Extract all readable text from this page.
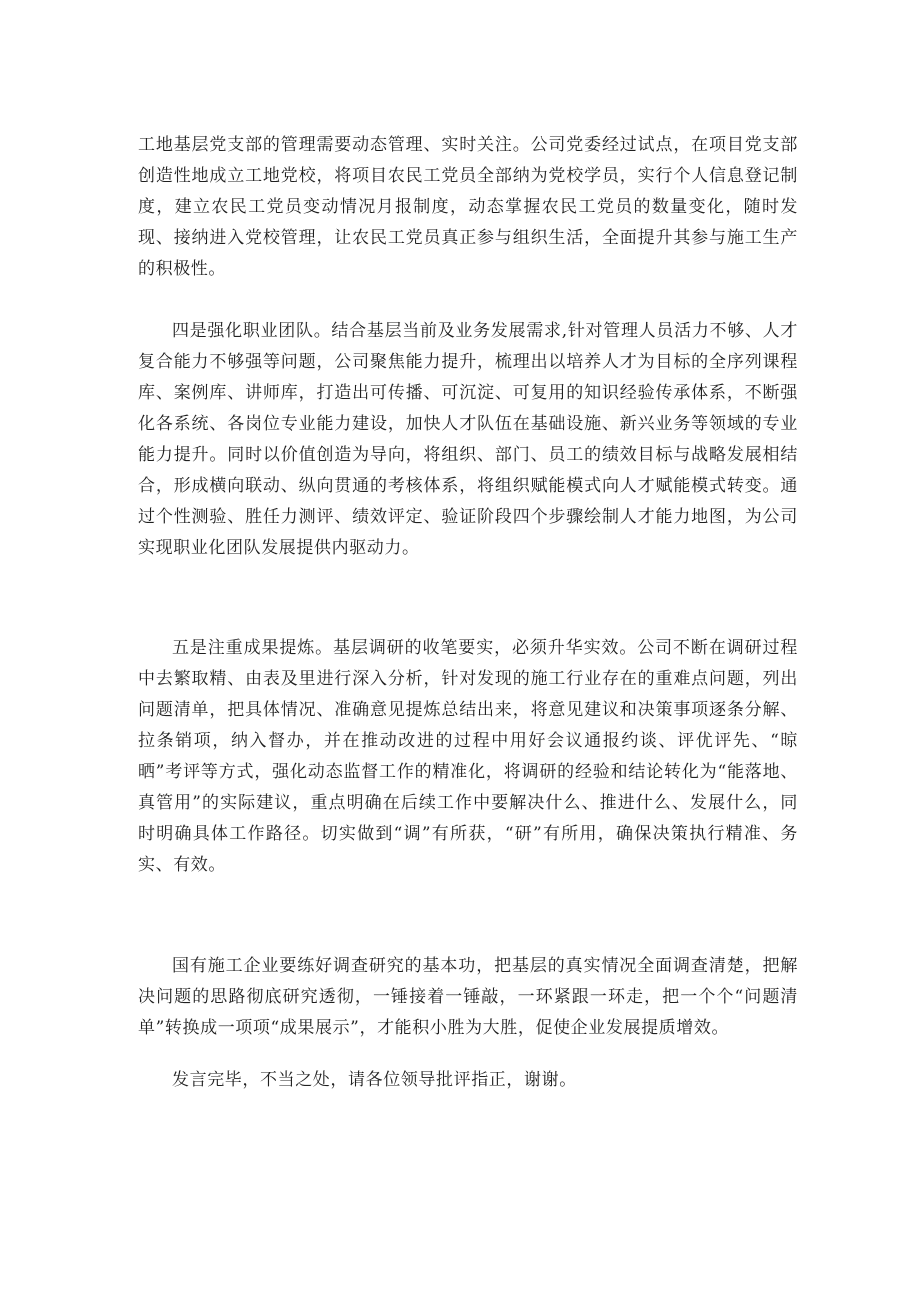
工地基层党支部的管理需要动态管理、实时关注。公司党委经过试点，在项目党支部创造性地成立工地党校，将项目农民工党员全部纳为党校学员，实行个人信息登记制度，建立农民工党员变动情况月报制度，动态掌握农民工党员的数量变化，随时发现、接纳进入党校管理，让农民工党员真正参与组织生活，全面提升其参与施工生产的积极性。

四是强化职业团队。结合基层当前及业务发展需求,针对管理人员活力不够、人才复合能力不够强等问题，公司聚焦能力提升，梳理出以培养人才为目标的全序列课程库、案例库、讲师库，打造出可传播、可沉淀、可复用的知识经验传承体系，不断强化各系统、各岗位专业能力建设，加快人才队伍在基础设施、新兴业务等领域的专业能力提升。同时以价值创造为导向，将组织、部门、员工的绩效目标与战略发展相结合，形成横向联动、纵向贯通的考核体系，将组织赋能模式向人才赋能模式转变。通过个性测验、胜任力测评、绩效评定、验证阶段四个步骤绘制人才能力地图，为公司实现职业化团队发展提供内驱动力。

五是注重成果提炼。基层调研的收笔要实，必须升华实效。公司不断在调研过程中去繁取精、由表及里进行深入分析，针对发现的施工行业存在的重难点问题，列出问题清单，把具体情况、准确意见提炼总结出来，将意见建议和决策事项逐条分解、拉条销项，纳入督办，并在推动改进的过程中用好会议通报约谈、评优评先、“晾晒”考评等方式，强化动态监督工作的精准化，将调研的经验和结论转化为“能落地、真管用”的实际建议，重点明确在后续工作中要解决什么、推进什么、发展什么，同时明确具体工作路径。切实做到“调”有所获，“研”有所用，确保决策执行精准、务实、有效。

国有施工企业要练好调查研究的基本功，把基层的真实情况全面调查清楚，把解决问题的思路彻底研究透彻，一锤接着一锤敲，一环紧跟一环走，把一个个“问题清单”转换成一项项“成果展示”，才能积小胜为大胜，促使企业发展提质增效。

发言完毕，不当之处，请各位领导批评指正，谢谢。
